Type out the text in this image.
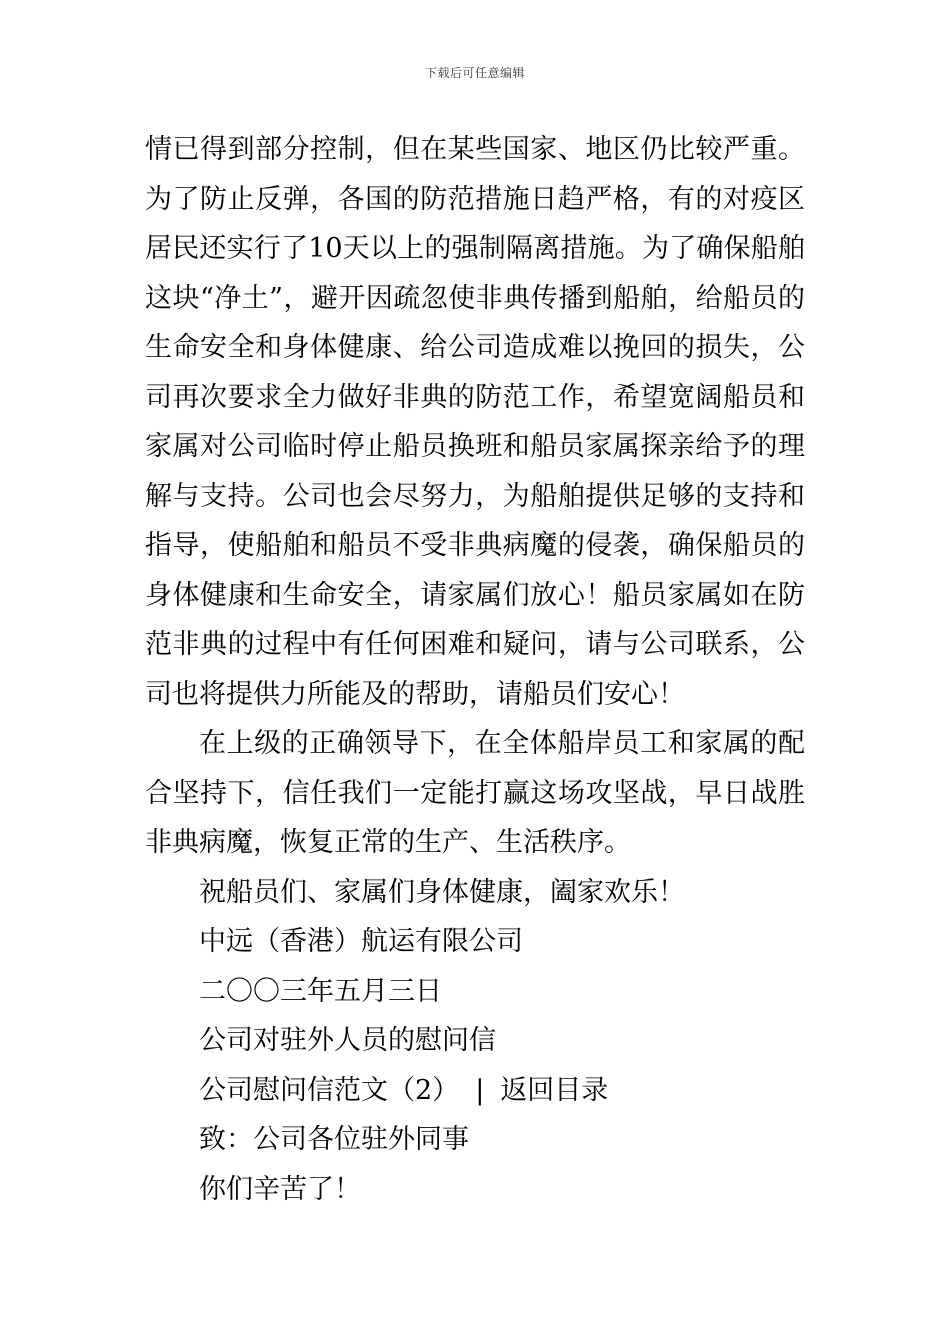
下载后可任意编辑

情已得到部分控制，但在某些国家、地区仍比较严重。为了防止反弹，各国的防范措施日趋严格，有的对疫区居民还实行了10天以上的强制隔离措施。为了确保船舶这块“净土”，避开因疏忽使非典传播到船舶，给船员的生命安全和身体健康、给公司造成难以挽回的损失，公司再次要求全力做好非典的防范工作，希望宽阔船员和家属对公司临时停止船员换班和船员家属探亲给予的理解与支持。公司也会尽努力，为船舶提供足够的支持和指导，使船舶和船员不受非典病魔的侵袭，确保船员的身体健康和生命安全，请家属们放心！船员家属如在防范非典的过程中有任何困难和疑问，请与公司联系，公司也将提供力所能及的帮助，请船员们安心！

在上级的正确领导下，在全体船岸员工和家属的配合坚持下，信任我们一定能打赢这场攻坚战，早日战胜非典病魔，恢复正常的生产、生活秩序。

祝船员们、家属们身体健康，阖家欢乐！

中远（香港）航运有限公司

二〇〇三年五月三日

公司对驻外人员的慰问信

公司慰问信范文（2） | 返回目录

致：公司各位驻外同事

你们辛苦了！
